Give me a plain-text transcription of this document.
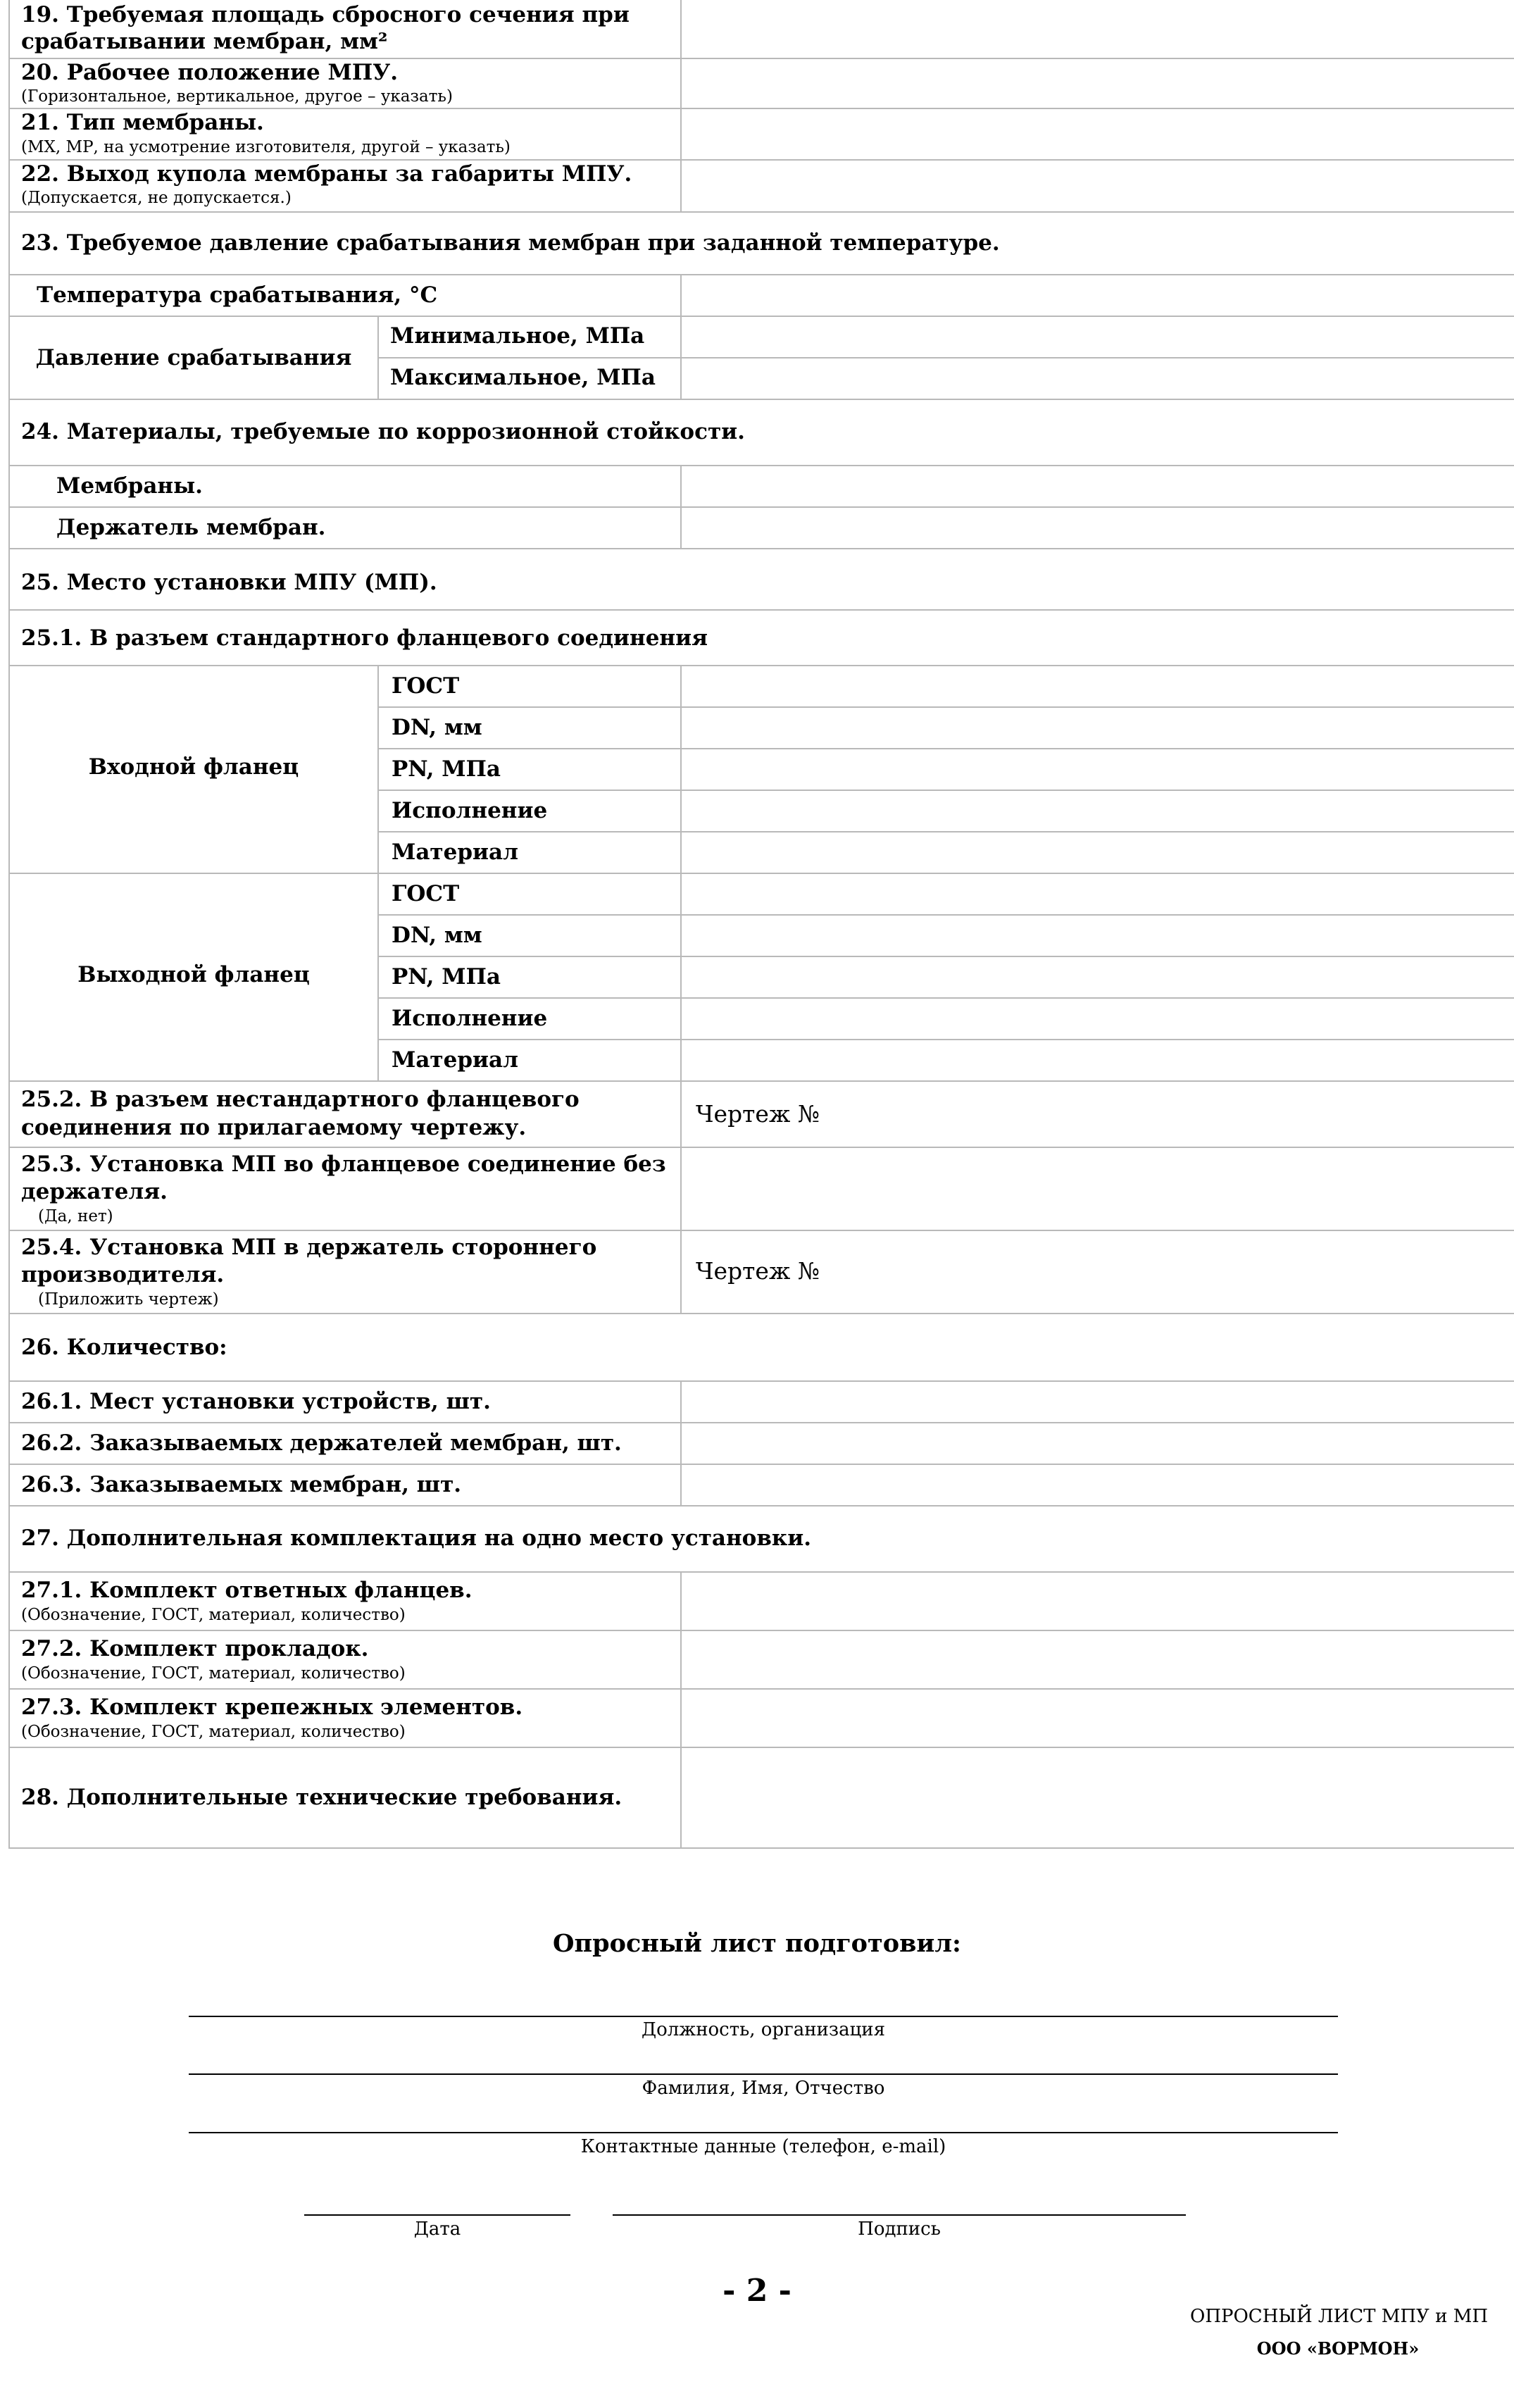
19. Требуемая площадь сбросного сечения при
срабатывании мембран, мм²
20. Рабочее положение МПУ.
(Горизонтальное, вертикальное, другое – указать)
21. Тип мембраны.
(МХ, МР, на усмотрение изготовителя, другой – указать)
22. Выход купола мембраны за габариты МПУ.
(Допускается, не допускается.)
23. Требуемое давление срабатывания мембран при заданной температуре.
Температура срабатывания, °C
Давление срабатывания
Минимальное, МПа
Максимальное, МПа
24. Материалы, требуемые по коррозионной стойкости.
Мембраны.
Держатель мембран.
25. Место установки МПУ (МП).
25.1. В разъем стандартного фланцевого соединения
Входной фланец
ГОСТ
DN, мм
PN, МПа
Исполнение
Материал
Выходной фланец
ГОСТ
DN, мм
PN, МПа
Исполнение
Материал
25.2. В разъем нестандартного фланцевого
соединения по прилагаемому чертежу.	Чертеж №
25.3. Установка МП во фланцевое соединение без
держателя.
(Да, нет)
25.4. Установка МП в держатель стороннего
производителя.
(Приложить чертеж)
Чертеж №
26. Количество:
26.1. Мест установки устройств, шт.
26.2. Заказываемых держателей мембран, шт.
26.3. Заказываемых мембран, шт.
27. Дополнительная комплектация на одно место установки.
27.1. Комплект ответных фланцев.
(Обозначение, ГОСТ, материал, количество)
27.2. Комплект прокладок.
(Обозначение, ГОСТ, материал, количество)
27.3. Комплект крепежных элементов.
(Обозначение, ГОСТ, материал, количество)
28. Дополнительные технические требования.
Опросный лист подготовил:
Должность, организация
Фамилия, Имя, Отчество
Контактные данные (телефон, e-mail)
Дата	Подпись
- 2 -
ОПРОСНЫЙ ЛИСТ МПУ и МП
ООО «ВОРМОН»
